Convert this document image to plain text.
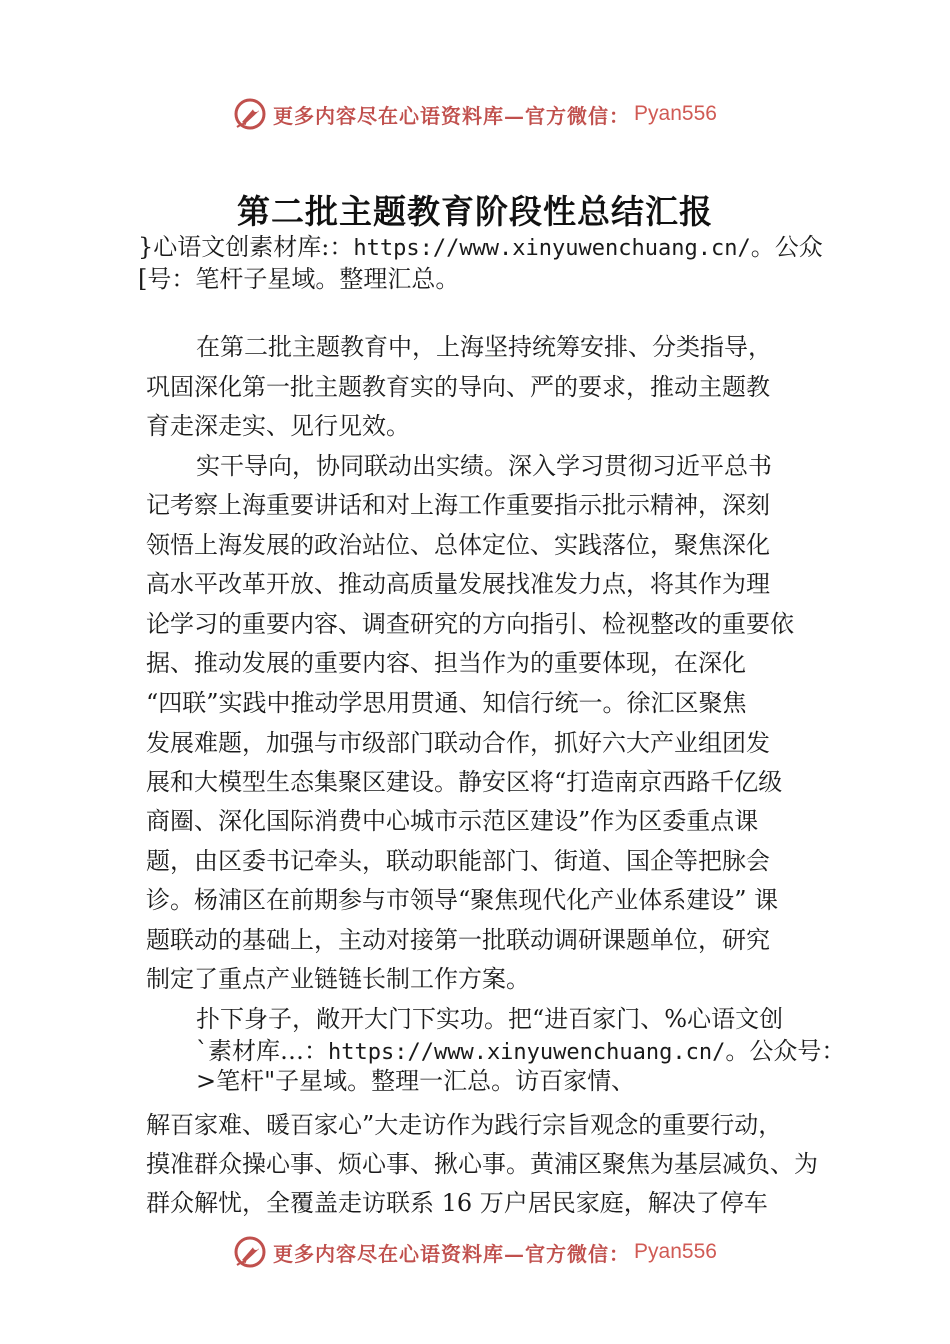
更多内容尽在心语资料库—官方微信： Pyan556
第二批主题教育阶段性总结汇报
}心语文创素材库:：https://www.xinyuwenchuang.cn/。公众
[号：笔杆子星域。整理汇总。
在第二批主题教育中，上海坚持统筹安排、分类指导，
巩固深化第一批主题教育实的导向、严的要求，推动主题教
育走深走实、见行见效。
实干导向，协同联动出实绩。深入学习贯彻习近平总书
记考察上海重要讲话和对上海工作重要指示批示精神，深刻
领悟上海发展的政治站位、总体定位、实践落位，聚焦深化
高水平改革开放、推动高质量发展找准发力点，将其作为理
论学习的重要内容、调查研究的方向指引、检视整改的重要依
据、推动发展的重要内容、担当作为的重要体现，在深化
“四联”实践中推动学思用贯通、知信行统一。徐汇区聚焦
发展难题，加强与市级部门联动合作，抓好六大产业组团发
展和大模型生态集聚区建设。静安区将“打造南京西路千亿级
商圈、深化国际消费中心城市示范区建设”作为区委重点课
题，由区委书记牵头，联动职能部门、街道、国企等把脉会
诊。杨浦区在前期参与市领导“聚焦现代化产业体系建设” 课
题联动的基础上，主动对接第一批联动调研课题单位，研究
制定了重点产业链链长制工作方案。
扑下身子，敞开大门下实功。把“进百家门、%心语文创
`素材库…：https://www.xinyuwenchuang.cn/。公众号：
>笔杆"子星域。整理一汇总。访百家情、
解百家难、暖百家心”大走访作为践行宗旨观念的重要行动，
摸准群众操心事、烦心事、揪心事。黄浦区聚焦为基层减负、为
群众解忧，全覆盖走访联系 16 万户居民家庭，解决了停车
更多内容尽在心语资料库—官方微信： Pyan556
